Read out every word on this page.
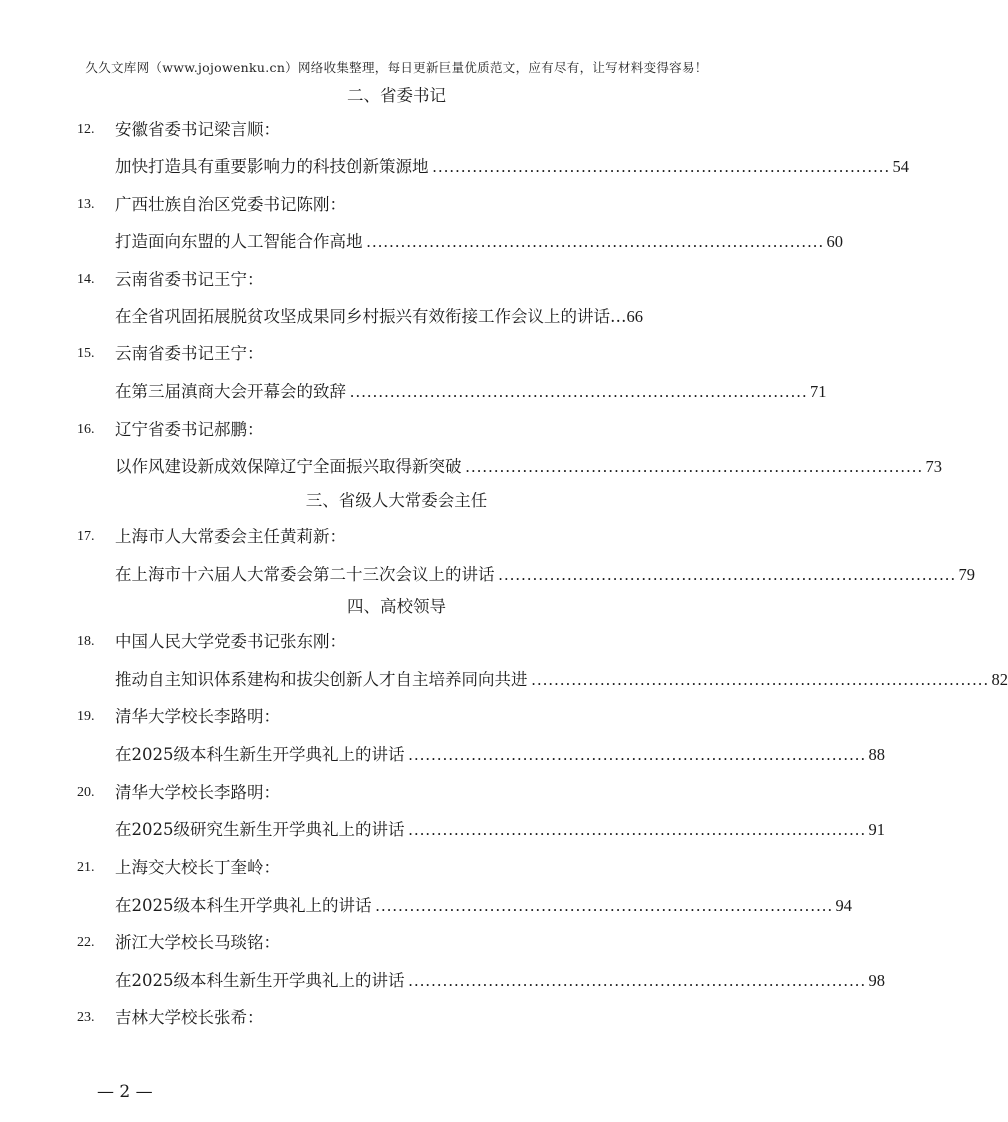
久久文库网（www.jojowenku.cn）网络收集整理，每日更新巨量优质范文，应有尽有，让写材料变得容易！
二、省委书记
12. 安徽省委书记梁言顺：
加快打造具有重要影响力的科技创新策源地 ................................................................................ 54
13. 广西壮族自治区党委书记陈刚：
打造面向东盟的人工智能合作高地 ................................................................................ 60
14. 云南省委书记王宁：
在全省巩固拓展脱贫攻坚成果同乡村振兴有效衔接工作会议上的讲话… 66
15. 云南省委书记王宁：
在第三届滇商大会开幕会的致辞 ................................................................................ 71
16. 辽宁省委书记郝鹏：
以作风建设新成效保障辽宁全面振兴取得新突破 ................................................................................ 73
三、省级人大常委会主任
17. 上海市人大常委会主任黄莉新：
在上海市十六届人大常委会第二十三次会议上的讲话 ................................................................................ 79
四、高校领导
18. 中国人民大学党委书记张东刚：
推动自主知识体系建构和拔尖创新人才自主培养同向共进 ................................................................................ 82
19. 清华大学校长李路明：
在2025级本科生新生开学典礼上的讲话 ................................................................................ 88
20. 清华大学校长李路明：
在2025级研究生新生开学典礼上的讲话 ................................................................................ 91
21. 上海交大校长丁奎岭：
在2025级本科生开学典礼上的讲话 ................................................................................ 94
22. 浙江大学校长马琰铭：
在2025级本科生新生开学典礼上的讲话 ................................................................................ 98
23. 吉林大学校长张希：
— 2 —
